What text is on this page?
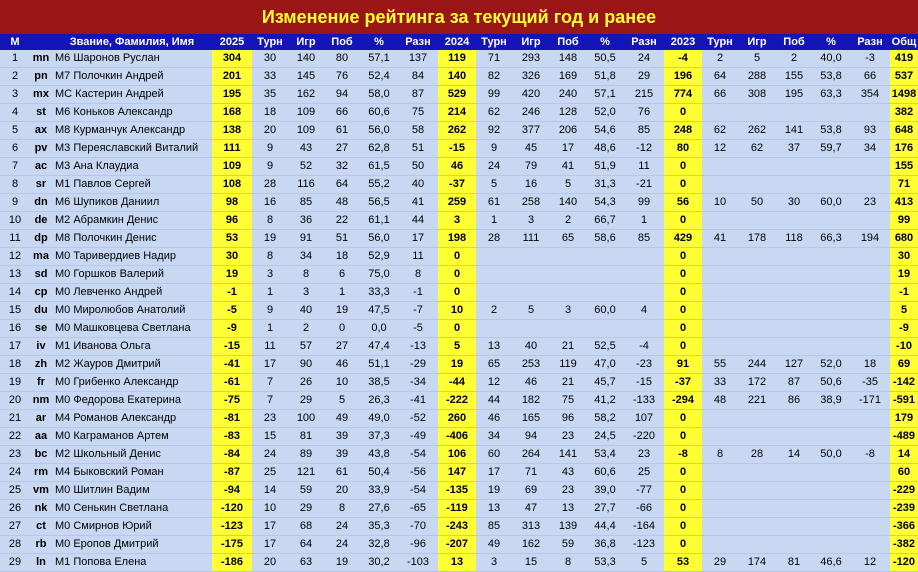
Изменение рейтинга за текущий год и ранее
М		Звание, Фамилия, Имя	2025	Турн	Игр	Поб	%	Разн	2024	Турн	Игр	Поб	%	Разн	2023	Турн	Игр	Поб	%	Разн	Общ
1	mn	М6 Шаронов Руслан	304	30	140	80	57,1	137	119	71	293	148	50,5	24	-4	2	5	2	40,0	-3	419
2	pn	М7 Полочкин Андрей	201	33	145	76	52,4	84	140	82	326	169	51,8	29	196	64	288	155	53,8	66	537
3	mx	МС Кастерин Андрей	195	35	162	94	58,0	87	529	99	420	240	57,1	215	774	66	308	195	63,3	354	1498
4	st	М6 Коньков Александр	168	18	109	66	60,6	75	214	62	246	128	52,0	76	0						382
5	ax	М8 Курманчук Александр	138	20	109	61	56,0	58	262	92	377	206	54,6	85	248	62	262	141	53,8	93	648
6	pv	М3 Переяславский Виталий	111	9	43	27	62,8	51	-15	9	45	17	48,6	-12	80	12	62	37	59,7	34	176
7	ac	М3 Ана Клаудиа	109	9	52	32	61,5	50	46	24	79	41	51,9	11	0						155
8	sr	М1 Павлов Сергей	108	28	116	64	55,2	40	-37	5	16	5	31,3	-21	0						71
9	dn	М6 Шупиков Даниил	98	16	85	48	56,5	41	259	61	258	140	54,3	99	56	10	50	30	60,0	23	413
10	de	М2 Абрамкин Денис	96	8	36	22	61,1	44	3	1	3	2	66,7	1	0						99
11	dp	М8 Полочкин Денис	53	19	91	51	56,0	17	198	28	111	65	58,6	85	429	41	178	118	66,3	194	680
12	ma	М0 Таривердиев Надир	30	8	34	18	52,9	11	0						0						30
13	sd	М0 Горшков Валерий	19	3	8	6	75,0	8	0						0						19
14	cp	М0 Левченко Андрей	-1	1	3	1	33,3	-1	0						0						-1
15	du	М0 Миролюбов Анатолий	-5	9	40	19	47,5	-7	10	2	5	3	60,0	4	0						5
16	se	М0 Машковцева Светлана	-9	1	2	0	0,0	-5	0						0						-9
17	iv	М1 Иванова Ольга	-15	11	57	27	47,4	-13	5	13	40	21	52,5	-4	0						-10
18	zh	М2 Жауров Дмитрий	-41	17	90	46	51,1	-29	19	65	253	119	47,0	-23	91	55	244	127	52,0	18	69
19	fr	М0 Грибенко Александр	-61	7	26	10	38,5	-34	-44	12	46	21	45,7	-15	-37	33	172	87	50,6	-35	-142
20	nm	М0 Федорова Екатерина	-75	7	29	5	26,3	-41	-222	44	182	75	41,2	-133	-294	48	221	86	38,9	-171	-591
21	ar	М4 Романов Александр	-81	23	100	49	49,0	-52	260	46	165	96	58,2	107	0						179
22	aa	М0 Каграманов Артем	-83	15	81	39	37,3	-49	-406	34	94	23	24,5	-220	0						-489
23	bc	М2 Школьный Денис	-84	24	89	39	43,8	-54	106	60	264	141	53,4	23	-8	8	28	14	50,0	-8	14
24	rm	М4 Быковский Роман	-87	25	121	61	50,4	-56	147	17	71	43	60,6	25	0						60
25	vm	М0 Шитлин Вадим	-94	14	59	20	33,9	-54	-135	19	69	23	39,0	-77	0						-229
26	nk	М0 Сенькин Светлана	-120	10	29	8	27,6	-65	-119	13	47	13	27,7	-66	0						-239
27	ct	М0 Смирнов Юрий	-123	17	68	24	35,3	-70	-243	85	313	139	44,4	-164	0						-366
28	rb	М0 Еропов Дмитрий	-175	17	64	24	32,8	-96	-207	49	162	59	36,8	-123	0						-382
29	ln	М1 Попова Елена	-186	20	63	19	30,2	-103	13	3	15	8	53,3	5	53	29	174	81	46,6	12	-120
